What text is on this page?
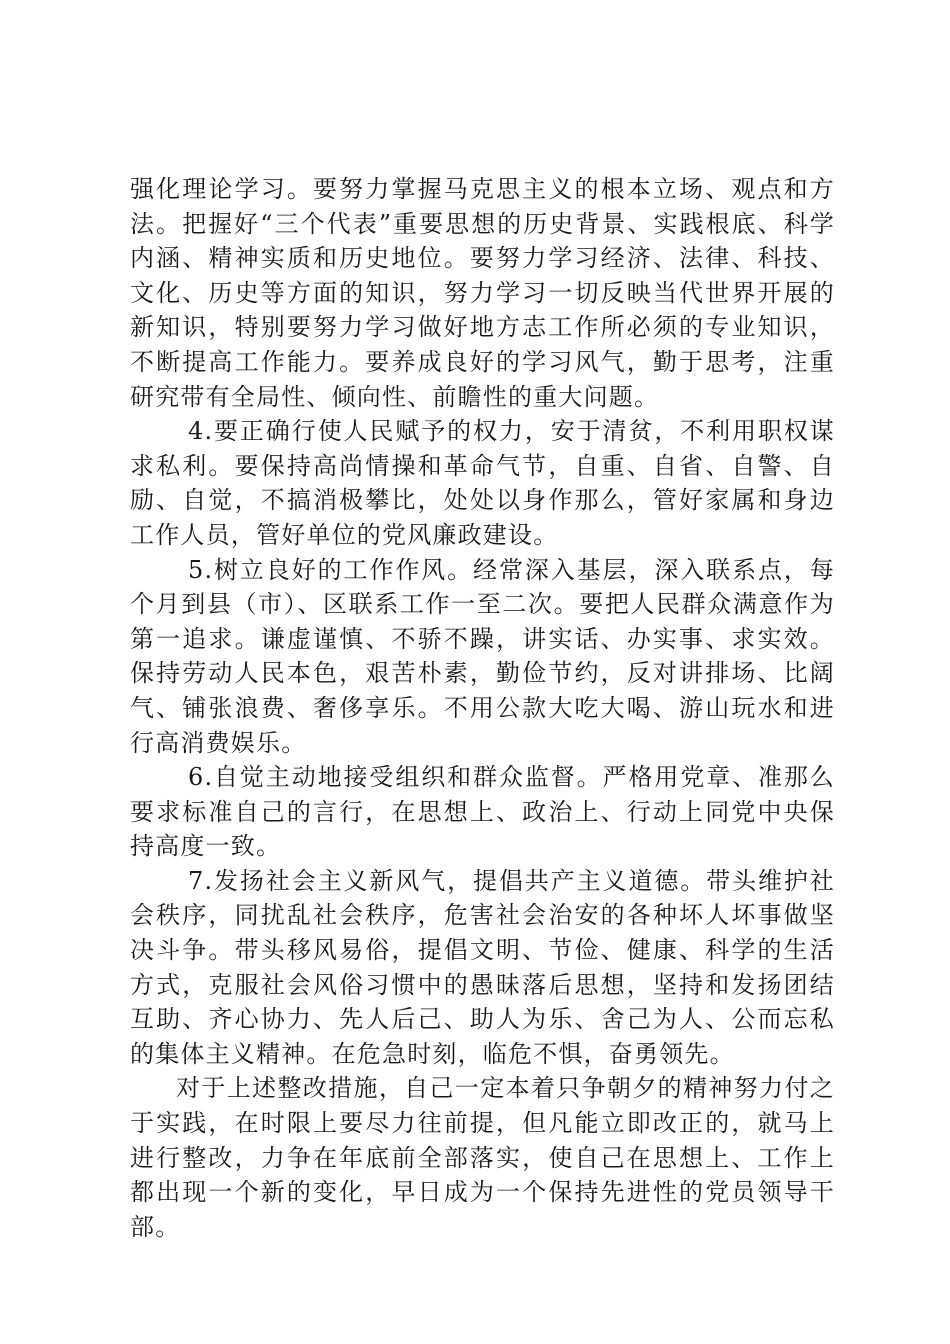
强化理论学习。要努力掌握马克思主义的根本立场、观点和方法。把握好“三个代表”重要思想的历史背景、实践根底、科学内涵、精神实质和历史地位。要努力学习经济、法律、科技、文化、历史等方面的知识，努力学习一切反映当代世界开展的新知识，特别要努力学习做好地方志工作所必须的专业知识，不断提高工作能力。要养成良好的学习风气，勤于思考，注重研究带有全局性、倾向性、前瞻性的重大问题。

4.要正确行使人民赋予的权力，安于清贫，不利用职权谋求私利。要保持高尚情操和革命气节，自重、自省、自警、自励、自觉，不搞消极攀比，处处以身作那么，管好家属和身边工作人员，管好单位的党风廉政建设。

5.树立良好的工作作风。经常深入基层，深入联系点，每个月到县（市）、区联系工作一至二次。要把人民群众满意作为第一追求。谦虚谨慎、不骄不躁，讲实话、办实事、求实效。保持劳动人民本色，艰苦朴素，勤俭节约，反对讲排场、比阔气、铺张浪费、奢侈享乐。不用公款大吃大喝、游山玩水和进行高消费娱乐。

6.自觉主动地接受组织和群众监督。严格用党章、准那么要求标准自己的言行，在思想上、政治上、行动上同党中央保持高度一致。

7.发扬社会主义新风气，提倡共产主义道德。带头维护社会秩序，同扰乱社会秩序，危害社会治安的各种坏人坏事做坚决斗争。带头移风易俗，提倡文明、节俭、健康、科学的生活方式，克服社会风俗习惯中的愚昧落后思想，坚持和发扬团结互助、齐心协力、先人后己、助人为乐、舍己为人、公而忘私的集体主义精神。在危急时刻，临危不惧，奋勇领先。

对于上述整改措施，自己一定本着只争朝夕的精神努力付之于实践，在时限上要尽力往前提，但凡能立即改正的，就马上进行整改，力争在年底前全部落实，使自己在思想上、工作上都出现一个新的变化，早日成为一个保持先进性的党员领导干部。
